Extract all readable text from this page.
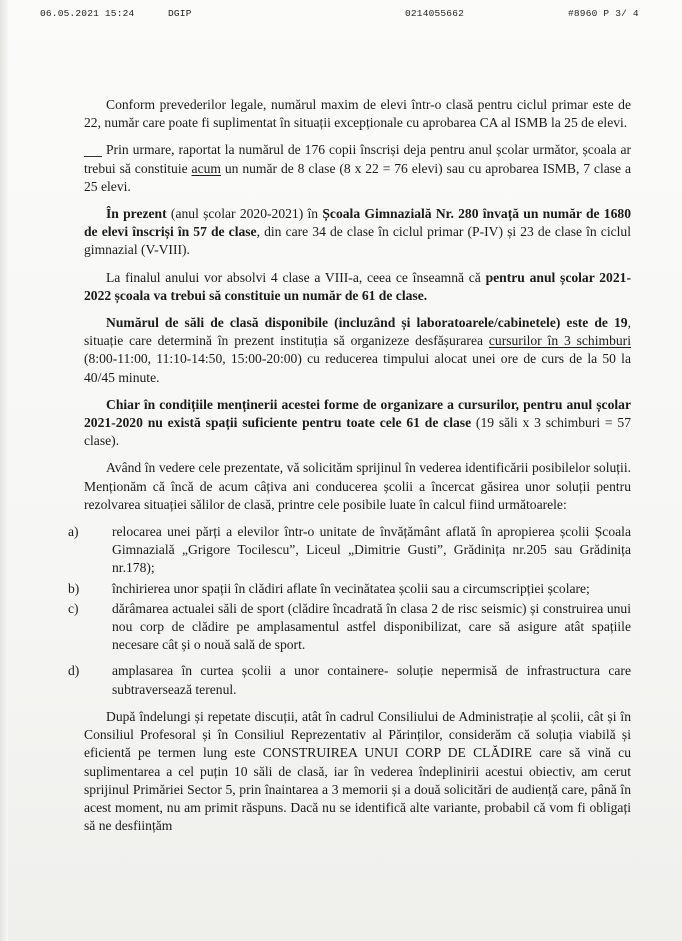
06.05.2021 15:24	DGIP	0214055662	#8960 P 3/ 4

Conform prevederilor legale, numărul maxim de elevi într-o clasă pentru ciclul primar este de 22, număr care poate fi suplimentat în situații excepționale cu aprobarea CA al ISMB la 25 de elevi.

Prin urmare, raportat la numărul de 176 copii înscriși deja pentru anul școlar următor, școala ar trebui să constituie acum un număr de 8 clase (8 x 22 = 76 elevi) sau cu aprobarea ISMB, 7 clase a 25 elevi.

În prezent (anul școlar 2020-2021) în Școala Gimnazială Nr. 280 învață un număr de 1680 de elevi înscriși în 57 de clase, din care 34 de clase în ciclul primar (P-IV) și 23 de clase în ciclul gimnazial (V-VIII).

La finalul anului vor absolvi 4 clase a VIII-a, ceea ce înseamnă că pentru anul școlar 2021-2022 școala va trebui să constituie un număr de 61 de clase.

Numărul de săli de clasă disponibile (incluzând și laboratoarele/cabinetele) este de 19, situație care determină în prezent instituția să organizeze desfășurarea cursurilor în 3 schimburi (8:00-11:00, 11:10-14:50, 15:00-20:00) cu reducerea timpului alocat unei ore de curs de la 50 la 40/45 minute.

Chiar în condițiile menținerii acestei forme de organizare a cursurilor, pentru anul școlar 2021-2020 nu există spații suficiente pentru toate cele 61 de clase (19 săli x 3 schimburi = 57 clase).

Având în vedere cele prezentate, vă solicităm sprijinul în vederea identificării posibilelor soluții. Menționăm că încă de acum câțiva ani conducerea școlii a încercat găsirea unor soluții pentru rezolvarea situației sălilor de clasă, printre cele posibile luate în calcul fiind următoarele:

a) relocarea unei părți a elevilor într-o unitate de învățământ aflată în apropierea școlii Școala Gimnazială „Grigore Tocilescu”, Liceul „Dimitrie Gusti”, Grădinița nr.205 sau Grădinița nr.178);
b) închirierea unor spații în clădiri aflate în vecinătatea școlii sau a circumscripției școlare;
c) dărâmarea actualei săli de sport (clădire încadrată în clasa 2 de risc seismic) și construirea unui nou corp de clădire pe amplasamentul astfel disponibilizat, care să asigure atât spațiile necesare cât și o nouă sală de sport.
d) amplasarea în curtea școlii a unor containere- soluție nepermisă de infrastructura care subtraversează terenul.

După îndelungi și repetate discuții, atât în cadrul Consiliului de Administrație al școlii, cât și în Consiliul Profesoral și în Consiliul Reprezentativ al Părinților, considerăm că soluția viabilă și eficientă pe termen lung este CONSTRUIREA UNUI CORP DE CLĂDIRE care să vină cu suplimentarea a cel puțin 10 săli de clasă, iar în vederea îndeplinirii acestui obiectiv, am cerut sprijinul Primăriei Sector 5, prin înaintarea a 3 memorii și a două solicitări de audiență care, până în acest moment, nu am primit răspuns. Dacă nu se identifică alte variante, probabil că vom fi obligați să ne desființăm
